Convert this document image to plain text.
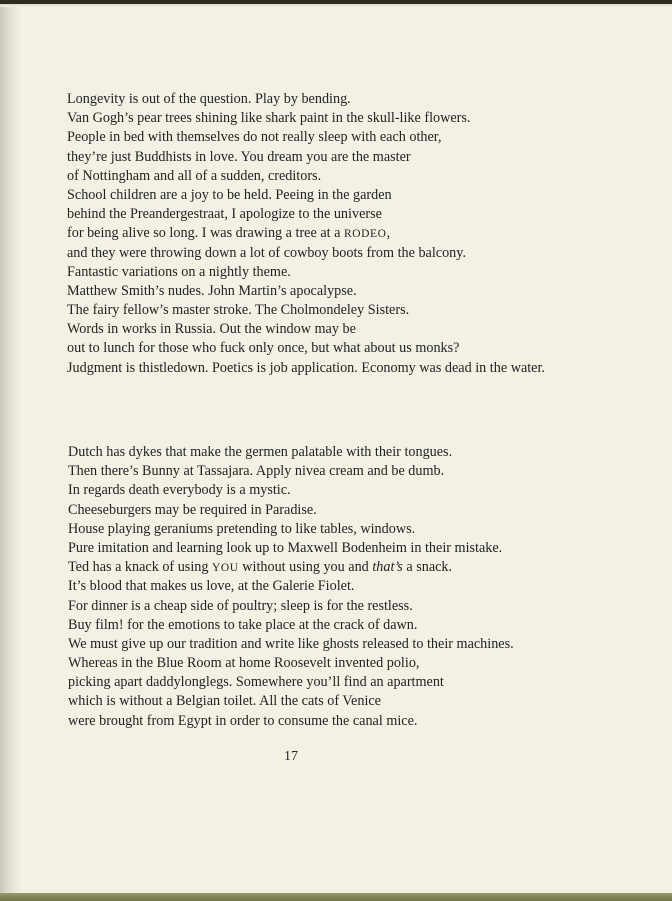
Longevity is out of the question. Play by bending.
Van Gogh’s pear trees shining like shark paint in the skull-like flowers.
People in bed with themselves do not really sleep with each other,
they’re just Buddhists in love. You dream you are the master
of Nottingham and all of a sudden, creditors.
School children are a joy to be held. Peeing in the garden
behind the Preandergestraat, I apologize to the universe
for being alive so long. I was drawing a tree at a RODEO,
and they were throwing down a lot of cowboy boots from the balcony.
Fantastic variations on a nightly theme.
Matthew Smith’s nudes. John Martin’s apocalypse.
The fairy fellow’s master stroke. The Cholmondeley Sisters.
Words in works in Russia. Out the window may be
out to lunch for those who fuck only once, but what about us monks?
Judgment is thistledown. Poetics is job application. Economy was dead in the water.
Dutch has dykes that make the germen palatable with their tongues.
Then there’s Bunny at Tassajara. Apply nivea cream and be dumb.
In regards death everybody is a mystic.
Cheeseburgers may be required in Paradise.
House playing geraniums pretending to like tables, windows.
Pure imitation and learning look up to Maxwell Bodenheim in their mistake.
Ted has a knack of using YOU without using you and that’s a snack.
It’s blood that makes us love, at the Galerie Fiolet.
For dinner is a cheap side of poultry; sleep is for the restless.
Buy film! for the emotions to take place at the crack of dawn.
We must give up our tradition and write like ghosts released to their machines.
Whereas in the Blue Room at home Roosevelt invented polio,
picking apart daddylonglegs. Somewhere you’ll find an apartment
which is without a Belgian toilet. All the cats of Venice
were brought from Egypt in order to consume the canal mice.
17
